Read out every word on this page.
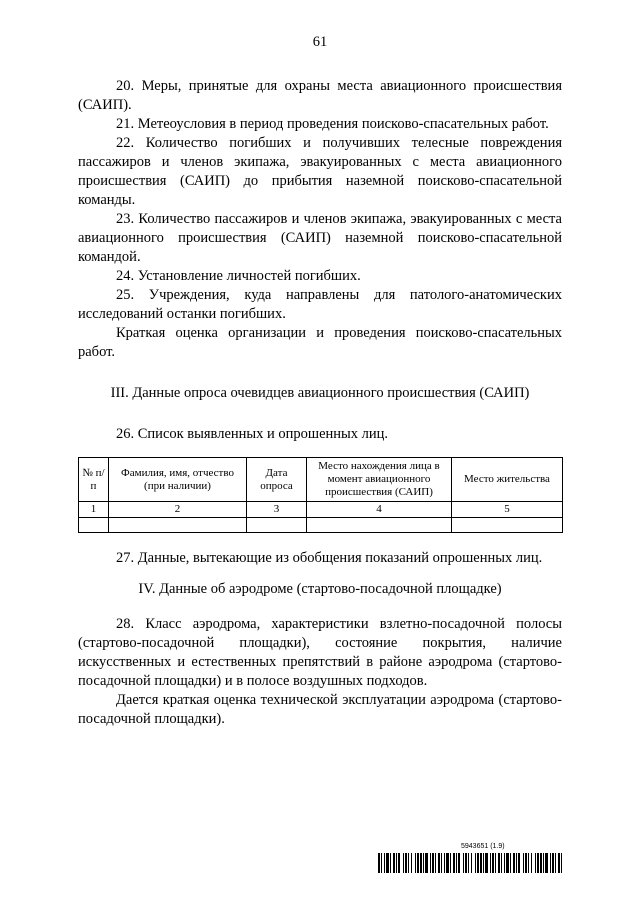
61

20. Меры, принятые для охраны места авиационного происшествия (САИП).

21. Метеоусловия в период проведения поисково-спасательных работ.

22. Количество погибших и получивших телесные повреждения пассажиров и членов экипажа, эвакуированных с места авиационного происшествия (САИП) до прибытия наземной поисково-спасательной команды.

23. Количество пассажиров и членов экипажа, эвакуированных с места авиационного происшествия (САИП) наземной поисково-спасательной командой.

24. Установление личностей погибших.

25. Учреждения, куда направлены для патолого-анатомических исследований останки погибших.

Краткая оценка организации и проведения поисково-спасательных работ.

III. Данные опроса очевидцев авиационного происшествия (САИП)

26. Список выявленных и опрошенных лиц.

№ п/п	Фамилия, имя, отчество (при наличии)	Дата опроса	Место нахождения лица в момент авиационного происшествия (САИП)	Место жительства
1	2	3	4	5

27. Данные, вытекающие из обобщения показаний опрошенных лиц.

IV. Данные об аэродроме (стартово-посадочной площадке)

28. Класс аэродрома, характеристики взлетно-посадочной полосы (стартово-посадочной площадки), состояние покрытия, наличие искусственных и естественных препятствий в районе аэродрома (стартово-посадочной площадки) и в полосе воздушных подходов.

Дается краткая оценка технической эксплуатации аэродрома (стартово-посадочной площадки).

5943651 (1.9)
